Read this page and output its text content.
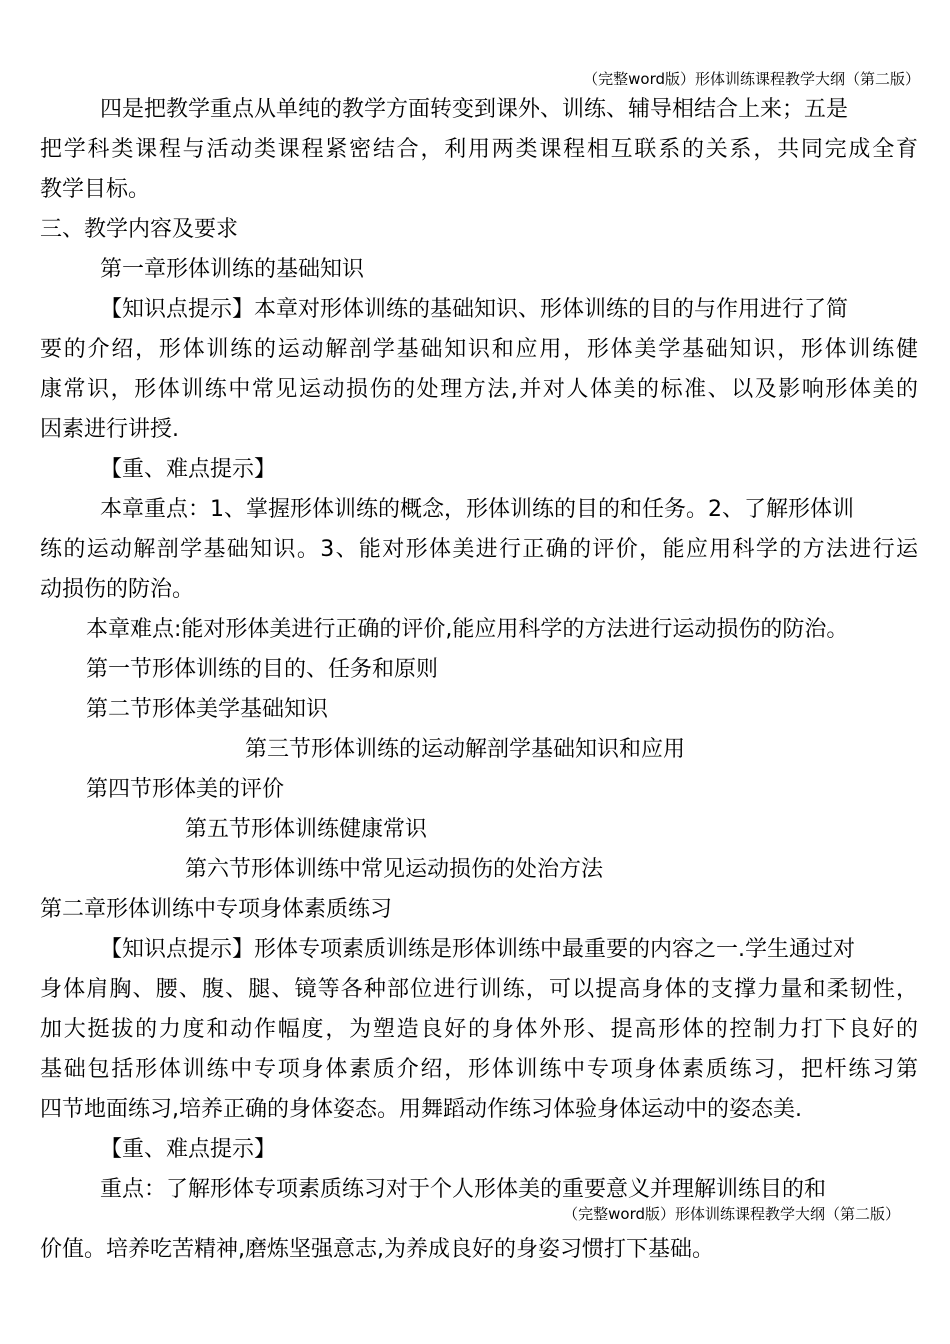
（完整word版）形体训练课程教学大纲（第二版）
四是把教学重点从单纯的教学方面转变到课外、训练、辅导相结合上来；五是
把学科类课程与活动类课程紧密结合，利用两类课程相互联系的关系，共同完成全育
教学目标。
三、教学内容及要求
第一章形体训练的基础知识
【知识点提示】本章对形体训练的基础知识、形体训练的目的与作用进行了简
要的介绍，形体训练的运动解剖学基础知识和应用，形体美学基础知识，形体训练健
康常识，形体训练中常见运动损伤的处理方法,并对人体美的标准、以及影响形体美的
因素进行讲授.
【重、难点提示】
本章重点：1、掌握形体训练的概念，形体训练的目的和任务。2、了解形体训
练的运动解剖学基础知识。3、能对形体美进行正确的评价，能应用科学的方法进行运
动损伤的防治。
本章难点:能对形体美进行正确的评价,能应用科学的方法进行运动损伤的防治。
第一节形体训练的目的、任务和原则
第二节形体美学基础知识
第三节形体训练的运动解剖学基础知识和应用
第四节形体美的评价
第五节形体训练健康常识
第六节形体训练中常见运动损伤的处治方法
第二章形体训练中专项身体素质练习
【知识点提示】形体专项素质训练是形体训练中最重要的内容之一.学生通过对
身体肩胸、腰、腹、腿、镜等各种部位进行训练，可以提高身体的支撑力量和柔韧性，
加大挺拔的力度和动作幅度，为塑造良好的身体外形、提高形体的控制力打下良好的
基础包括形体训练中专项身体素质介绍，形体训练中专项身体素质练习，把杆练习第
四节地面练习,培养正确的身体姿态。用舞蹈动作练习体验身体运动中的姿态美.
【重、难点提示】
重点：了解形体专项素质练习对于个人形体美的重要意义并理解训练目的和
（完整word版）形体训练课程教学大纲（第二版）
价值。培养吃苦精神,磨炼坚强意志,为养成良好的身姿习惯打下基础。
